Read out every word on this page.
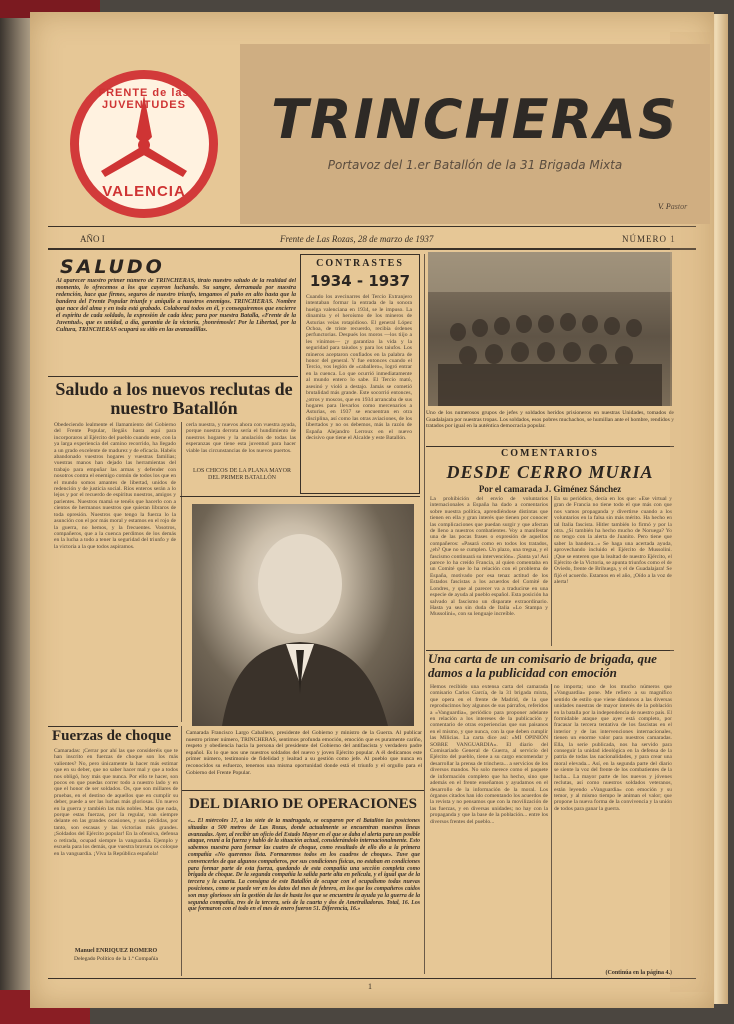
TRINCHERAS
Portavoz del 1.er Batallón de la 31 Brigada Mixta
V. Pastor
FRENTE de las JUVENTUDES
VALENCIA
AÑO I	Frente de Las Rozas, 28 de marzo de 1937	NÚMERO 1
SALUDO
Al aparecer nuestro primer número de TRINCHERAS, tiraio nuestro saludo de la realidad del momento, lo ofrecemos a los que cayeron luchando. Su sangre, derramada por nuestra redención, hace que firmes, seguros de nuestro triunfo, tengamos el puño en alto hasta que la bandera del Frente Popular triunfe y aniquile a nuestros enemigos. TRINCHERAS. Nombre que nace del alma y en toda está grabado. Colaborad todos en él, y conseguiremos que encierre el espíritu de cada soldado, la expresión de cada idea; para por nuestra Batalla, «Frente de la Juventud», que es unidad, a día, garantía de la victoria, ¡honrémosle! Por la Libertad, por la Cultura, TRINCHERAS ocupará su sitio en las avanzadillas.
CONTRASTES
1934 - 1937
Cuando los avecinarres del Tercio Extranjero intentaban formar la entrada de la sonora huelga valenciana en 1934, se le impuso. La dinamita y el heroísmo de los mineros de Asturias veías rotapidioso. El general López Ochoa, de triste recuerdo, recibía órdenes perfunctorias. Después los moros —los tiijo a les vinimos— ¡y garantizo la vida y la seguridad para taiudos y para los taiufos. Los mineros aceptaron confiados en la palabra de honor del general. Y fue entonces cuando el Tercio, vos legión de «caballero», logró entrar en la cuenca. Lo que ocurrió inmediatamente al mundo entero lo sabe. El Tercio mató, asesinó y violó a destajo. Jamás se cometió brutalidad más grande. Este socorrió entonces, ¿otros y moscos, que en 1934 arrancaba de sus hogares para llevarlos como mercenarios a Asturias, en 1937 se encuentran en otra disciplina, así como las otras aviaciones, de los libertados y no os debemos, más la razón de España Alejandro Lerroux en el nuevo decisivo que tiene el Alcalde y este Batallón.
Uno de los numerosos grupos de jefes y soldados heridos prisioneros en nuestras Unidades, tomados de Guadalajara por nuestras tropas. Los soldados, esos pobres muchachos, se humillan ante el hombre, rendidos y tratados por igual en la auténtica democracia popular.
Saludo a los nuevos reclutas de nuestro Batallón
Obedeciendo lealmente el llamamiento del Gobierno del Frente Popular, llegáis hasta aquí para incorporaros al Ejército del pueblo cuando este, con la ya larga experiencia del camino recorrido, ha llegado a un grado excelente de madurez y de eficacia. Habéis abandonado vuestros hogares y vuestras familias; vuestras manos han dejado las herramientas del trabajo para empuñar las armas y defender con nosotros contra el enemigo común de todos los que en el mundo somos amantes de libertad, unidos de redención y de justicia social. Ríos enteros serán a lo lejos y por el recuerdo de espíritus nuestros, amigos y parientes. Nuestros mamá se tenéis que hacerlo con a cientos de hermanos nuestros que quieran libraros de toda opresión. Nuestros que tengo la fuerza lo la asunción con el por más moral y estamos en el rojo de la guerra, no hemos, y la frecuentes. Vosotros, compañeros, que a la cuenca perdimos de los demás en la lucha a todo a tener la seguridad del triunfo y de la victoria a la que todos aspiramos.
cerla nuestra, y nuevos ahora con vuestra ayuda, porque nuestra derrota sería el hundimiento de nuestros hogares y la anulación de todas las esperanzas que tiene esta juventud para hacer viable las circunstancias de los nuevos puertos.
LOS CHICOS DE LA PLANA MAYOR DEL PRIMER BATALLÓN
Camarada Francisco Largo Caballero, presidente del Gobierno y ministro de la Guerra. Al publicar nuestro primer número, TRINCHERAS, sentimos profunda emoción, emoción que es puramente cariño, respeto y obediencia hacia la persona del presidente del Gobierno del antifascista y verdadero padre español. Es lo que nos une nuestros soldados del nuevo y joven Ejército popular. A él dedicamos este primer número, testimonio de fidelidad y lealtad a su gestión como jefe. Al pueblo que nunca en reconocidos su esfuerzo, tenemos una misma oportunidad donde está el triunfo y el orgullo para el Gobierno del Frente Popular.
Fuerzas de choque
Camaradas: ¡Cerrar por ahí las que consideréis que te han inscrito en fuerzas de choque son los más valientes? No, pero únicamente la hacer más estimar que en su deber, que no saber hacer mal y que a todos nos obligó, hoy más que nunca. Por ello te hacer, son pocos en que puedas correr todo a nuestro lado y en que el honor de ser soldados. Os, que son millares de pruebas, en el destino de aquellos que en cumplir su deber, puede a ser las luchas más gloriosas. Un nuevo en la guerra y también las más nobles. Mas que nada, porque estas fuerzas, por la regular, van siempre delante en las grandes ocasiones, y sus pérdidas, por tanto, son escasas y las victorias más grandes. ¡Soldados del Ejército popular! En la ofensiva, defensa o retirada, ocupad siempre la vanguardia. Ejemplo y escuela para los demás, que vuestra bravura os coloque en la vanguardia. ¡Viva la República española!
Manuel ENRIQUEZ ROMERO
Delegado Político de la 1.ª Compañía
DEL DIARIO DE OPERACIONES
«... El miércoles 17, a las siete de la madrugada, se ocuparon por el Batallón las posiciones situadas a 500 metros de Las Rozas, donde actualmente se encuentran nuestras líneas avanzadas. Ayer, al recibir un oficio del Estado Mayor en el que se daba el alerta para un posible ataque, reuní a la fuerza y habló de la situación actual, considerándolo internacionalmente. Esto sabemos nuestra para formar las cuatro de choque, como resultado de ello dio a la primera compañía «No queremos lista. Formaremos todos en los cuadros de choque». Tuve que convencerles de que algunos compañeros, por sus condiciones físicas, no estaban en condiciones para formar parte de esta fuerza, quedando de esta compañía una sección completa como brigada de choque. De la segunda compañía la salida parte alta en película, y el igual que de la tercera y la cuarta. La consigna de este Batallón de ocupar con el ocupalismo todas nuevas posiciones, como se puede ver en los datos del mes de febrero, en los que los compañeros caídos son muy gloriosos sin la gestión da las de hasta los que se encuentra la ayuda ya la guerra de la segunda compañía, tres de la tercera, seis de la cuarta y dos de Ametralladoras. Total, 16. Los que formaron con el todo en el mes de enero fueron 51. Diferencia, 16.»
COMENTARIOS
DESDE CERRO MURIA
Por el camarada J. Giménez Sánchez
La prohibición del envío de voluntarios internacionales a España ha dado a comentarios sobre nuestra política, aprendiéndose distintas que tienen en ella y gran interés que tienen por conocer las complicaciones que puedan surgir y que afectan de lleno a nuestros combatientes. Voy a manifestar una de las pocas frases o expresión de aquellos compañeros: «Pasará como en todos los tratados, ¿eh? Que no se cumplen. Un plazo, una tregua, y el fascismo continuará su intervención». ¡Santa ya! Así parece lo ha creído Francia, al quien comentaba en un Comité que lo ha relación con el problema de España, motivado por esa tenaz actitud de los Estados fascistas a los acuerdos del Comité de Londres, y que al parecer va a traducirse en una especie de ayuda al pueblo español. Esta posición ha salvado al fascismo un disparate extraordinario. Hasta ya sea sin duda de Italia «Lo Stampa y Mussolini», con su lenguaje increíble.
En su periódico, decía en los que: «Ese virtual y gran de Francia no tiene todo el que más con que nos vamos propaganda y divertirse cuando a los voluntarios en la falsa sin más mérito. Ha hecho en tal Italia fascista. Hitler también lo firmó y por la otra. ¿Sí también ha hecho mucho de Noruega? Yo no tengo con la alerta de Juanito. Pero tiene que saber la bandera...» Se haga una acertada ayuda, aprovechando incluido el Ejército de Mussolini. ¡Que se enteren que la lealtad de nuestro Ejército, el Ejército de la Victoria, se apunta triunfos como el de Oviedo, frente de Brihuega, y el de Guadalajara! Se fijó el acuerdo. Estamos en el año, ¡Oído a la voz de alerta!
Una carta de un comisario de brigada, que damos a la publicidad con emoción
Hemos recibido una extensa carta del camarada comisario Carlos García, de la 31 brigada mixta, que opera en el frente de Madrid, de la que reproducimos hoy algunos de sus párrafos, referidos a «Vanguardia», periódico para proponer adelante en relación a los intereses de la publicación y comentario de otras experiencias que sus paisanos en el mismo, y que nunca, con la que deben cumplir las Milicias. La carta dice así: «MI OPINIÓN SOBRE VANGUARDIA». El diario del Comisariado General de Guerra, al servicio del Ejército del pueblo, tiene a su cargo encomendar y desarrollar la prensa de trinchera... a servicios de los diversos mandos. No solo merece como el paquete de información completo que ha hecho, sino que además en el frente enseñamos y ayudamos en el desarrollo de la información de la moral. Los órganos citados han ido comentando los acuerdos de la revista y no pensamos que con la movilización de las fuerzas, y en diversas unidades; no hay con la propaganda y que la base de la población... entre los diversos frentes del pueblo...
no importa; uno de los mucho números que «Vanguardia» pone. Me refiero a su magnífico sentido de estilo que viene dándonos a las diversas unidades nuestras de mayor interés de la población en la batalla por la independencia de nuestro país. El formidable ataque que ayer está completo, por fracasar la tercera tentativa de los fascistas en el interior y de las intervenciones internacionales, tienen un enorme valor para nuestros camaradas. Ella, la serie publicada, nos ha servido para conseguir la unidad ideológica en la defensa de la patria de todas las nacionalidades, y para crear una moral elevada... Así, en la segunda parte del diario se siente la voz del frente de los combatientes de la lucha... La mayor parte de los nuevos y jóvenes reclutas, así como nuestros soldados veteranos, están leyendo «Vanguardia» con emoción y su temor, y al mismo tiempo le animan el valor; que propone la nueva forma de la convivencia y la unión de todos para ganar la guerra.
(Continúa en la página 4.)
1
